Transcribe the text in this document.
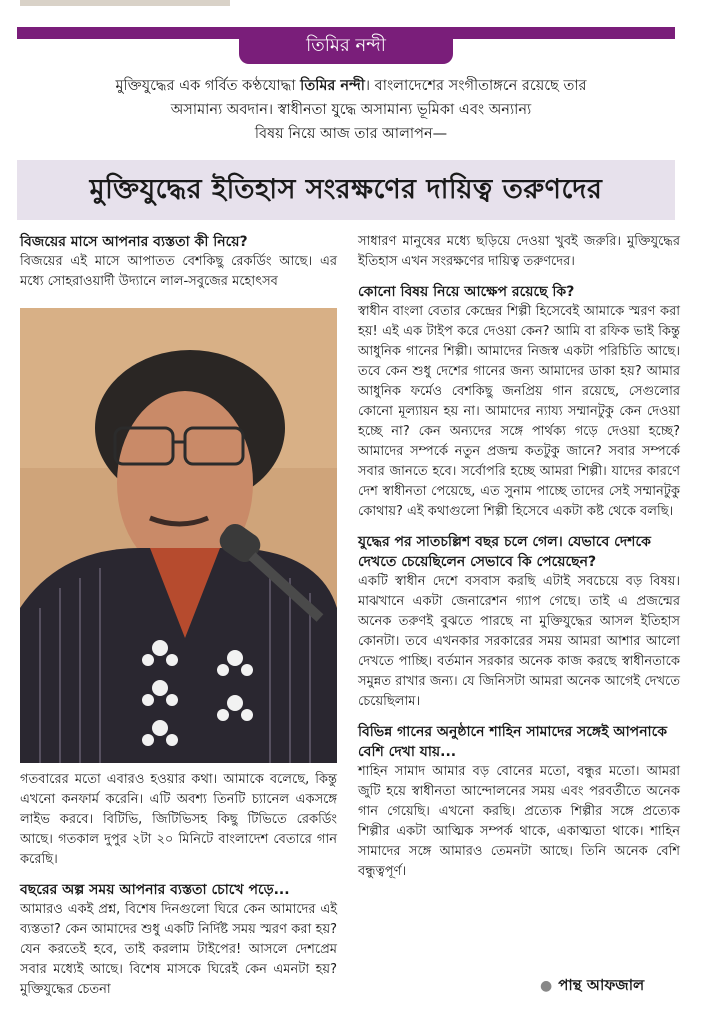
তিমির নন্দী
মুক্তিযুদ্ধের এক গর্বিত কণ্ঠযোদ্ধা তিমির নন্দী। বাংলাদেশের সংগীতাঙ্গনে রয়েছে তার
অসামান্য অবদান। স্বাধীনতা যুদ্ধে অসামান্য ভূমিকা এবং অন্যান্য
বিষয় নিয়ে আজ তার আলাপন—
মুক্তিযুদ্ধের ইতিহাস সংরক্ষণের দায়িত্ব তরুণদের

বিজয়ের মাসে আপনার ব্যস্ততা কী নিয়ে?

বিজয়ের এই মাসে আপাতত বেশকিছু রেকর্ডিং আছে। এর মধ্যে সোহরাওয়ার্দী উদ্যানে লাল-সবুজের মহোৎসব

গতবারের মতো এবারও হওয়ার কথা। আমাকে বলেছে, কিন্তু এখনো কনফার্ম করেনি। এটি অবশ্য তিনটি চ্যানেল একসঙ্গে লাইভ করবে। বিটিভি, জিটিভিসহ কিছু টিভিতে রেকর্ডিং আছে। গতকাল দুপুর ২টা ২০ মিনিটে বাংলাদেশ বেতারে গান করেছি।

বছরের অল্প সময় আপনার ব্যস্ততা চোখে পড়ে...

আমারও একই প্রশ্ন, বিশেষ দিনগুলো ঘিরে কেন আমাদের এই ব্যস্ততা? কেন আমাদের শুধু একটি নির্দিষ্ট সময় স্মরণ করা হয়? যেন করতেই হবে, তাই করলাম টাইপের! আসলে দেশপ্রেম সবার মধ্যেই আছে। বিশেষ মাসকে ঘিরেই কেন এমনটা হয়? মুক্তিযুদ্ধের চেতনা

সাধারণ মানুষের মধ্যে ছড়িয়ে দেওয়া খুবই জরুরি। মুক্তিযুদ্ধের ইতিহাস এখন সংরক্ষণের দায়িত্ব তরুণদের।

কোনো বিষয় নিয়ে আক্ষেপ রয়েছে কি?

স্বাধীন বাংলা বেতার কেন্দ্রের শিল্পী হিসেবেই আমাকে স্মরণ করা হয়! এই এক টাইপ করে দেওয়া কেন? আমি বা রফিক ভাই কিন্তু আধুনিক গানের শিল্পী। আমাদের নিজস্ব একটা পরিচিতি আছে। তবে কেন শুধু দেশের গানের জন্য আমাদের ডাকা হয়? আমার আধুনিক ফর্মেও বেশকিছু জনপ্রিয় গান রয়েছে, সেগুলোর কোনো মূল্যায়ন হয় না। আমাদের ন্যায্য সম্মানটুকু কেন দেওয়া হচ্ছে না? কেন অন্যদের সঙ্গে পার্থক্য গড়ে দেওয়া হচ্ছে? আমাদের সম্পর্কে নতুন প্রজন্ম কতটুকু জানে? সবার সম্পর্কে সবার জানতে হবে। সর্বোপরি হচ্ছে আমরা শিল্পী। যাদের কারণে দেশ স্বাধীনতা পেয়েছে, এত সুনাম পাচ্ছে তাদের সেই সম্মানটুকু কোথায়? এই কথাগুলো শিল্পী হিসেবে একটা কষ্ট থেকে বলছি।

যুদ্ধের পর সাতচল্লিশ বছর চলে গেল। যেভাবে দেশকে দেখতে চেয়েছিলেন সেভাবে কি পেয়েছেন?

একটি স্বাধীন দেশে বসবাস করছি এটাই সবচেয়ে বড় বিষয়। মাঝখানে একটা জেনারেশন গ্যাপ গেছে। তাই এ প্রজন্মের অনেক তরুণই বুঝতে পারছে না মুক্তিযুদ্ধের আসল ইতিহাস কোনটা। তবে এখনকার সরকারের সময় আমরা আশার আলো দেখতে পাচ্ছি। বর্তমান সরকার অনেক কাজ করছে স্বাধীনতাকে সমুন্নত রাখার জন্য। যে জিনিসটা আমরা অনেক আগেই দেখতে চেয়েছিলাম।

বিভিন্ন গানের অনুষ্ঠানে শাহিন সামাদের সঙ্গেই আপনাকে বেশি দেখা যায়...

শাহিন সামাদ আমার বড় বোনের মতো, বন্ধুর মতো। আমরা জুটি হয়ে স্বাধীনতা আন্দোলনের সময় এবং পরবর্তীতে অনেক গান গেয়েছি। এখনো করছি। প্রত্যেক শিল্পীর সঙ্গে প্রত্যেক শিল্পীর একটা আত্মিক সম্পর্ক থাকে, একাত্মতা থাকে। শাহিন সামাদের সঙ্গে আমারও তেমনটা আছে। তিনি অনেক বেশি বন্ধুত্বপূর্ণ।

● পান্থ আফজাল
